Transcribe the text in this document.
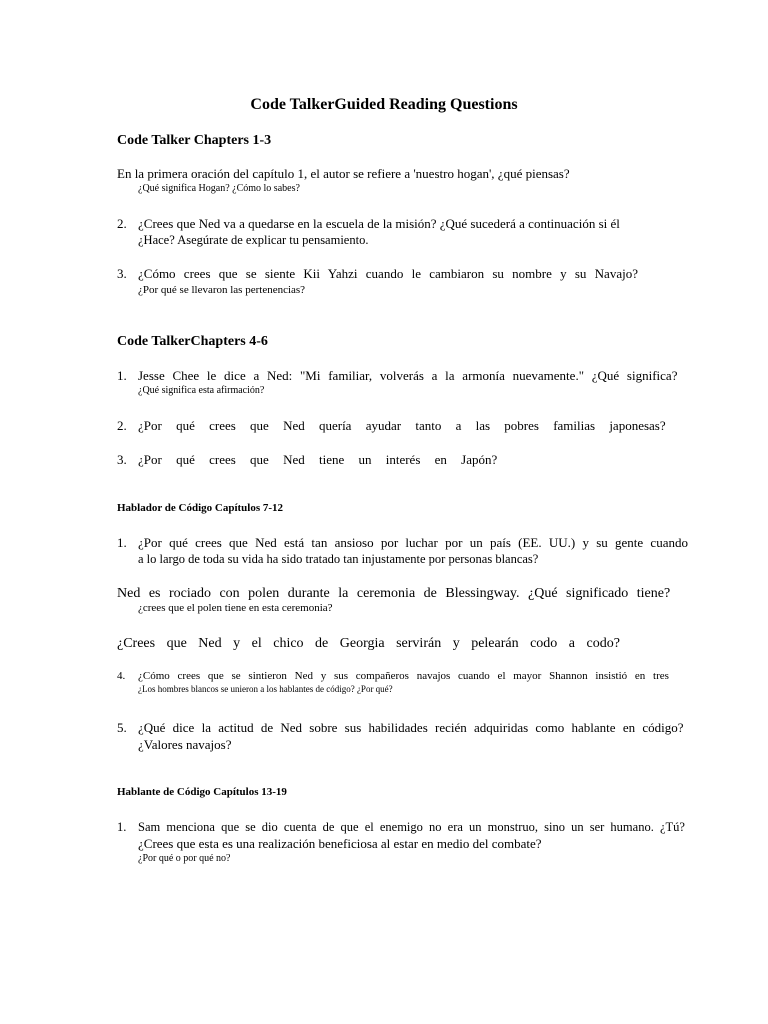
Code TalkerGuided Reading Questions
Code Talker Chapters 1-3
En la primera oración del capítulo 1, el autor se refiere a 'nuestro hogan', ¿qué piensas?
¿Qué significa Hogan? ¿Cómo lo sabes?
2. ¿Crees que Ned va a quedarse en la escuela de la misión? ¿Qué sucederá a continuación si él
¿Hace? Asegúrate de explicar tu pensamiento.
3. ¿Cómo crees que se siente Kii Yahzi cuando le cambiaron su nombre y su Navajo?
¿Por qué se llevaron las pertenencias?
Code TalkerChapters 4-6
1. Jesse Chee le dice a Ned: "Mi familiar, volverás a la armonía nuevamente." ¿Qué significa?
¿Qué significa esta afirmación?
2. ¿Por qué crees que Ned quería ayudar tanto a las pobres familias japonesas?
3. ¿Por qué crees que Ned tiene un interés en Japón?
Hablador de Código Capítulos 7-12
1. ¿Por qué crees que Ned está tan ansioso por luchar por un país (EE. UU.) y su gente cuando
a lo largo de toda su vida ha sido tratado tan injustamente por personas blancas?
Ned es rociado con polen durante la ceremonia de Blessingway. ¿Qué significado tiene?
¿crees que el polen tiene en esta ceremonia?
¿Crees que Ned y el chico de Georgia servirán y pelearán codo a codo?
4.	¿Cómo crees que se sintieron Ned y sus compañeros navajos cuando el mayor Shannon insistió en tres
¿Los hombres blancos se unieron a los hablantes de código? ¿Por qué?
5. ¿Qué dice la actitud de Ned sobre sus habilidades recién adquiridas como hablante en código?
¿Valores navajos?
Hablante de Código Capítulos 13-19
1. Sam menciona que se dio cuenta de que el enemigo no era un monstruo, sino un ser humano. ¿Tú?
¿Crees que esta es una realización beneficiosa al estar en medio del combate?
¿Por qué o por qué no?
